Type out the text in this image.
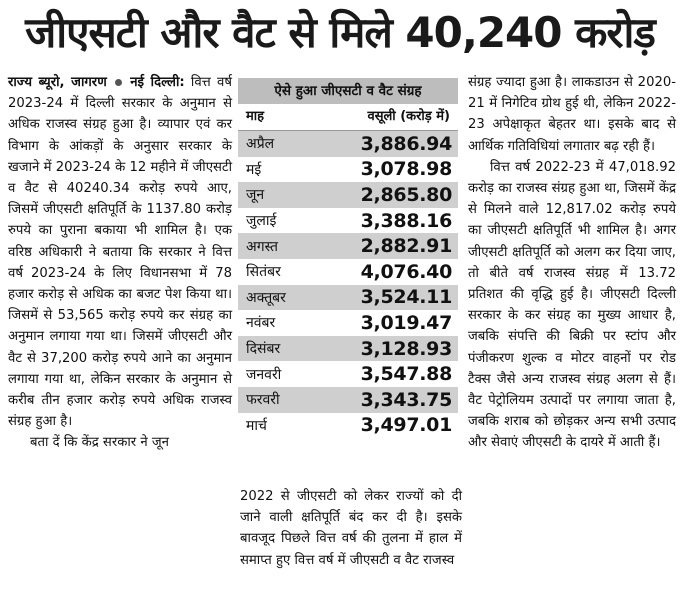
जीएसटी और वैट से मिले 40,240 करोड़

राज्य ब्यूरो, जागरण नई दिल्ली: वित्त वर्ष 2023-24 में दिल्ली सरकार के अनुमान से अधिक राजस्व संग्रह हुआ है। व्यापार एवं कर विभाग के आंकड़ों के अनुसार सरकार के खजाने में 2023-24 के 12 महीने में जीएसटी व वैट से 40240.34 करोड़ रुपये आए, जिसमें जीएसटी क्षतिपूर्ति के 1137.80 करोड़ रुपये का पुराना बकाया भी शामिल है। एक वरिष्ठ अधिकारी ने बताया कि सरकार ने वित्त वर्ष 2023-24 के लिए विधानसभा में 78 हजार करोड़ से अधिक का बजट पेश किया था। जिसमें से 53,565 करोड़ रुपये कर संग्रह का अनुमान लगाया गया था। जिसमें जीएसटी और वैट से 37,200 करोड़ रुपये आने का अनुमान लगाया गया था, लेकिन सरकार के अनुमान से करीब तीन हजार करोड़ रुपये अधिक राजस्व संग्रह हुआ है।

बता दें कि केंद्र सरकार ने जून

ऐसे हुआ जीएसटी व वैट संग्रह
माह	वसूली (करोड़ में)
अप्रैल	3,886.94
मई	3,078.98
जून	2,865.80
जुलाई	3,388.16
अगस्त	2,882.91
सितंबर	4,076.40
अक्तूबर	3,524.11
नवंबर	3,019.47
दिसंबर	3,128.93
जनवरी	3,547.88
फरवरी	3,343.75
मार्च	3,497.01

2022 से जीएसटी को लेकर राज्यों को दी जाने वाली क्षतिपूर्ति बंद कर दी है। इसके बावजूद पिछले वित्त वर्ष की तुलना में हाल में समाप्त हुए वित्त वर्ष में जीएसटी व वैट राजस्व

संग्रह ज्यादा हुआ है। लाकडाउन से 2020-21 में निगेटिव ग्रोथ हुई थी, लेकिन 2022-23 अपेक्षाकृत बेहतर था। इसके बाद से आर्थिक गतिविधियां लगातार बढ़ रही हैं।

वित्त वर्ष 2022-23 में 47,018.92 करोड़ का राजस्व संग्रह हुआ था, जिसमें केंद्र से मिलने वाले 12,817.02 करोड़ रुपये का जीएसटी क्षतिपूर्ति भी शामिल है। अगर जीएसटी क्षतिपूर्ति को अलग कर दिया जाए, तो बीते वर्ष राजस्व संग्रह में 13.72 प्रतिशत की वृद्धि हुई है। जीएसटी दिल्ली सरकार के कर संग्रह का मुख्य आधार है, जबकि संपत्ति की बिक्री पर स्टांप और पंजीकरण शुल्क व मोटर वाहनों पर रोड टैक्स जैसे अन्य राजस्व संग्रह अलग से हैं। वैट पेट्रोलियम उत्पादों पर लगाया जाता है, जबकि शराब को छोड़कर अन्य सभी उत्पाद और सेवाएं जीएसटी के दायरे में आती हैं।
